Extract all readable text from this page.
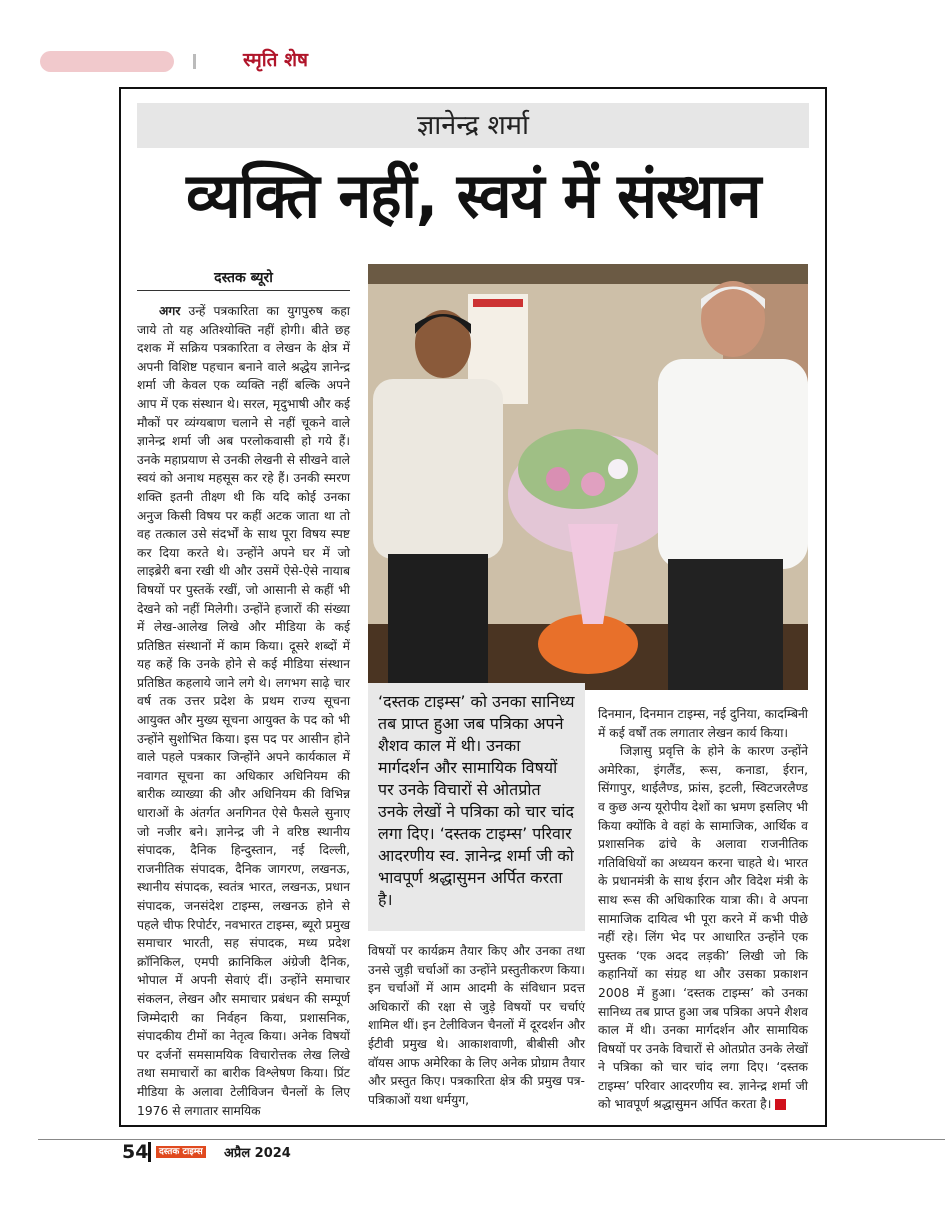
स्मृति शेष
ज्ञानेन्द्र शर्मा
व्यक्ति नहीं, स्वयं में संस्थान
दस्तक ब्यूरो

अगर उन्हें पत्रकारिता का युगपुरुष कहा जाये तो यह अतिश्योक्ति नहीं होगी। बीते छह दशक में सक्रिय पत्रकारिता व लेखन के क्षेत्र में अपनी विशिष्ट पहचान बनाने वाले श्रद्धेय ज्ञानेन्द्र शर्मा जी केवल एक व्यक्ति नहीं बल्कि अपने आप में एक संस्थान थे। सरल, मृदुभाषी और कई मौकों पर व्यंग्यबाण चलाने से नहीं चूकने वाले ज्ञानेन्द्र शर्मा जी अब परलोकवासी हो गये हैं। उनके महाप्रयाण से उनकी लेखनी से सीखने वाले स्वयं को अनाथ महसूस कर रहे हैं। उनकी स्मरण शक्ति इतनी तीक्ष्ण थी कि यदि कोई उनका अनुज किसी विषय पर कहीं अटक जाता था तो वह तत्काल उसे संदर्भों के साथ पूरा विषय स्पष्ट कर दिया करते थे। उन्होंने अपने घर में जो लाइब्रेरी बना रखी थी और उसमें ऐसे-ऐसे नायाब विषयों पर पुस्तकें रखीं, जो आसानी से कहीं भी देखने को नहीं मिलेगी। उन्होंने हजारों की संख्या में लेख-आलेख लिखे और मीडिया के कई प्रतिष्ठित संस्थानों में काम किया। दूसरे शब्दों में यह कहें कि उनके होने से कई मीडिया संस्थान प्रतिष्ठित कहलाये जाने लगे थे। लगभग साढ़े चार वर्ष तक उत्तर प्रदेश के प्रथम राज्य सूचना आयुक्त और मुख्य सूचना आयुक्त के पद को भी उन्होंने सुशोभित किया। इस पद पर आसीन होने वाले पहले पत्रकार जिन्होंने अपने कार्यकाल में नवागत सूचना का अधिकार अधिनियम की बारीक व्याख्या की और अधिनियम की विभिन्न धाराओं के अंतर्गत अनगिनत ऐसे फैसले सुनाए जो नजीर बने। ज्ञानेन्द्र जी ने वरिष्ठ स्थानीय संपादक, दैनिक हिन्दुस्तान, नई दिल्ली, राजनीतिक संपादक, दैनिक जागरण, लखनऊ, स्थानीय संपादक, स्वतंत्र भारत, लखनऊ, प्रधान संपादक, जनसंदेश टाइम्स, लखनऊ होने से पहले चीफ रिपोर्टर, नवभारत टाइम्स, ब्यूरो प्रमुख समाचार भारती, सह संपादक, मध्य प्रदेश क्रॉनिकिल, एमपी क्रानिकिल अंग्रेजी दैनिक, भोपाल में अपनी सेवाएं दीं। उन्होंने समाचार संकलन, लेखन और समाचार प्रबंधन की सम्पूर्ण जिम्मेदारी का निर्वहन किया, प्रशासनिक, संपादकीय टीमों का नेतृत्व किया। अनेक विषयों पर दर्जनों समसामयिक विचारोत्तक लेख लिखे तथा समाचारों का बारीक विश्लेषण किया। प्रिंट मीडिया के अलावा टेलीविजन चैनलों के लिए 1976 से लगातार सामयिक

‘दस्तक टाइम्स’ को उनका सानिध्य तब प्राप्त हुआ जब पत्रिका अपने शैशव काल में थी। उनका मार्गदर्शन और सामायिक विषयों पर उनके विचारों से ओतप्रोत उनके लेखों ने पत्रिका को चार चांद लगा दिए। ‘दस्तक टाइम्स’ परिवार आदरणीय स्व. ज्ञानेन्द्र शर्मा जी को भावपूर्ण श्रद्धासुमन अर्पित करता है।

विषयों पर कार्यक्रम तैयार किए और उनका तथा उनसे जुड़ी चर्चाओं का उन्होंने प्रस्तुतीकरण किया। इन चर्चाओं में आम आदमी के संविधान प्रदत्त अधिकारों की रक्षा से जुड़े विषयों पर चर्चाएं शामिल थीं। इन टेलीविजन चैनलों में दूरदर्शन और ईटीवी प्रमुख थे। आकाशवाणी, बीबीसी और वॉयस आफ अमेरिका के लिए अनेक प्रोग्राम तैयार और प्रस्तुत किए। पत्रकारिता क्षेत्र की प्रमुख पत्र-पत्रिकाओं यथा धर्मयुग,

दिनमान, दिनमान टाइम्स, नई दुनिया, कादम्बिनी में कई वर्षों तक लगातार लेखन कार्य किया।

जिज्ञासु प्रवृत्ति के होने के कारण उन्होंने अमेरिका, इंगलैंड, रूस, कनाडा, ईरान, सिंगापुर, थाईलैण्ड, फ्रांस, इटली, स्विटजरलैण्ड व कुछ अन्य यूरोपीय देशों का भ्रमण इसलिए भी किया क्योंकि वे वहां के सामाजिक, आर्थिक व प्रशासनिक ढांचे के अलावा राजनीतिक गतिविधियों का अध्ययन करना चाहते थे। भारत के प्रधानमंत्री के साथ ईरान और विदेश मंत्री के साथ रूस की अधिकारिक यात्रा की। वे अपना सामाजिक दायित्व भी पूरा करने में कभी पीछे नहीं रहे। लिंग भेद पर आधारित उन्होंने एक पुस्तक ‘एक अदद लड़की’ लिखी जो कि कहानियों का संग्रह था और उसका प्रकाशन 2008 में हुआ। ‘दस्तक टाइम्स’ को उनका सानिध्य तब प्राप्त हुआ जब पत्रिका अपने शैशव काल में थी। उनका मार्गदर्शन और सामायिक विषयों पर उनके विचारों से ओतप्रोत उनके लेखों ने पत्रिका को चार चांद लगा दिए। ‘दस्तक टाइम्स’ परिवार आदरणीय स्व. ज्ञानेन्द्र शर्मा जी को भावपूर्ण श्रद्धासुमन अर्पित करता है।

54	दस्तक टाइम्स अप्रैल 2024
